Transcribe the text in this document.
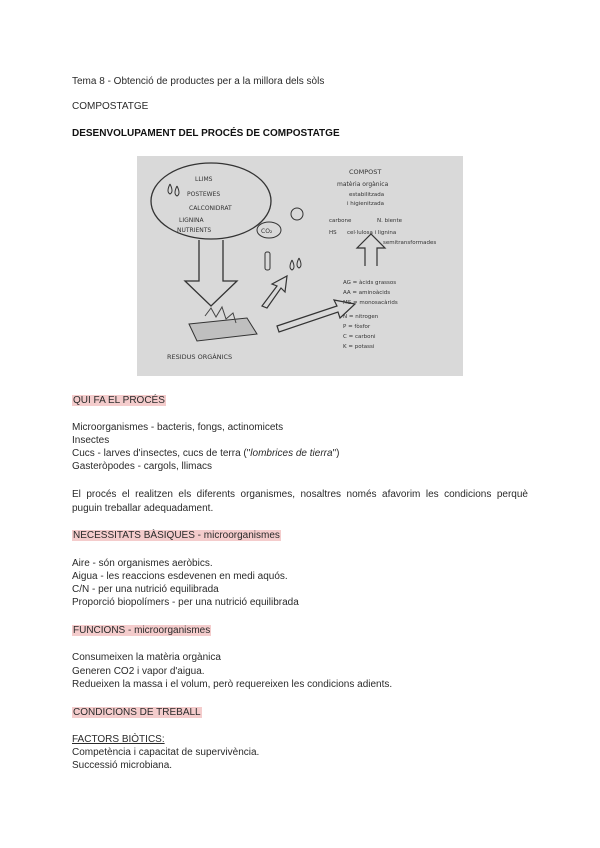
Tema 8 - Obtenció de productes per a la millora dels sòls
COMPOSTATGE
DESENVOLUPAMENT DEL PROCÉS DE COMPOSTATGE
LLIMS
POSTEWES
CALCONIDRAT
LIGNINA
NUTRIENTS
RESIDUS ORGÀNICS
CO₂
COMPOST
matèria orgànica
estabilitzada
i higienitzada
carbone	N. biente
HS cel·lulosa i lignina
semitransformades
AG = àcids grassos
AA = aminoàcids
MS = monosacàrids
N = nitrogen
P = fòsfor
C = carboni
K = potassi
QUI FA EL PROCÉS
Microorganismes - bacteris, fongs, actinomicets
Insectes
Cucs - larves d'insectes, cucs de terra ("lombrices de tierra")
Gasteròpodes - cargols, llimacs
El procés el realitzen els diferents organismes, nosaltres només afavorim les condicions perquè puguin treballar adequadament.
NECESSITATS BÀSIQUES - microorganismes
Aire - són organismes aeròbics.
Aigua - les reaccions esdevenen en medi aquós.
C/N - per una nutrició equilibrada
Proporció biopolímers - per una nutrició equilibrada
FUNCIONS - microorganismes
Consumeixen la matèria orgànica
Generen CO2 i vapor d'aigua.
Redueixen la massa i el volum, però requereixen les condicions adients.
CONDICIONS DE TREBALL
FACTORS BIÒTICS:
Competència i capacitat de supervivència.
Successió microbiana.
